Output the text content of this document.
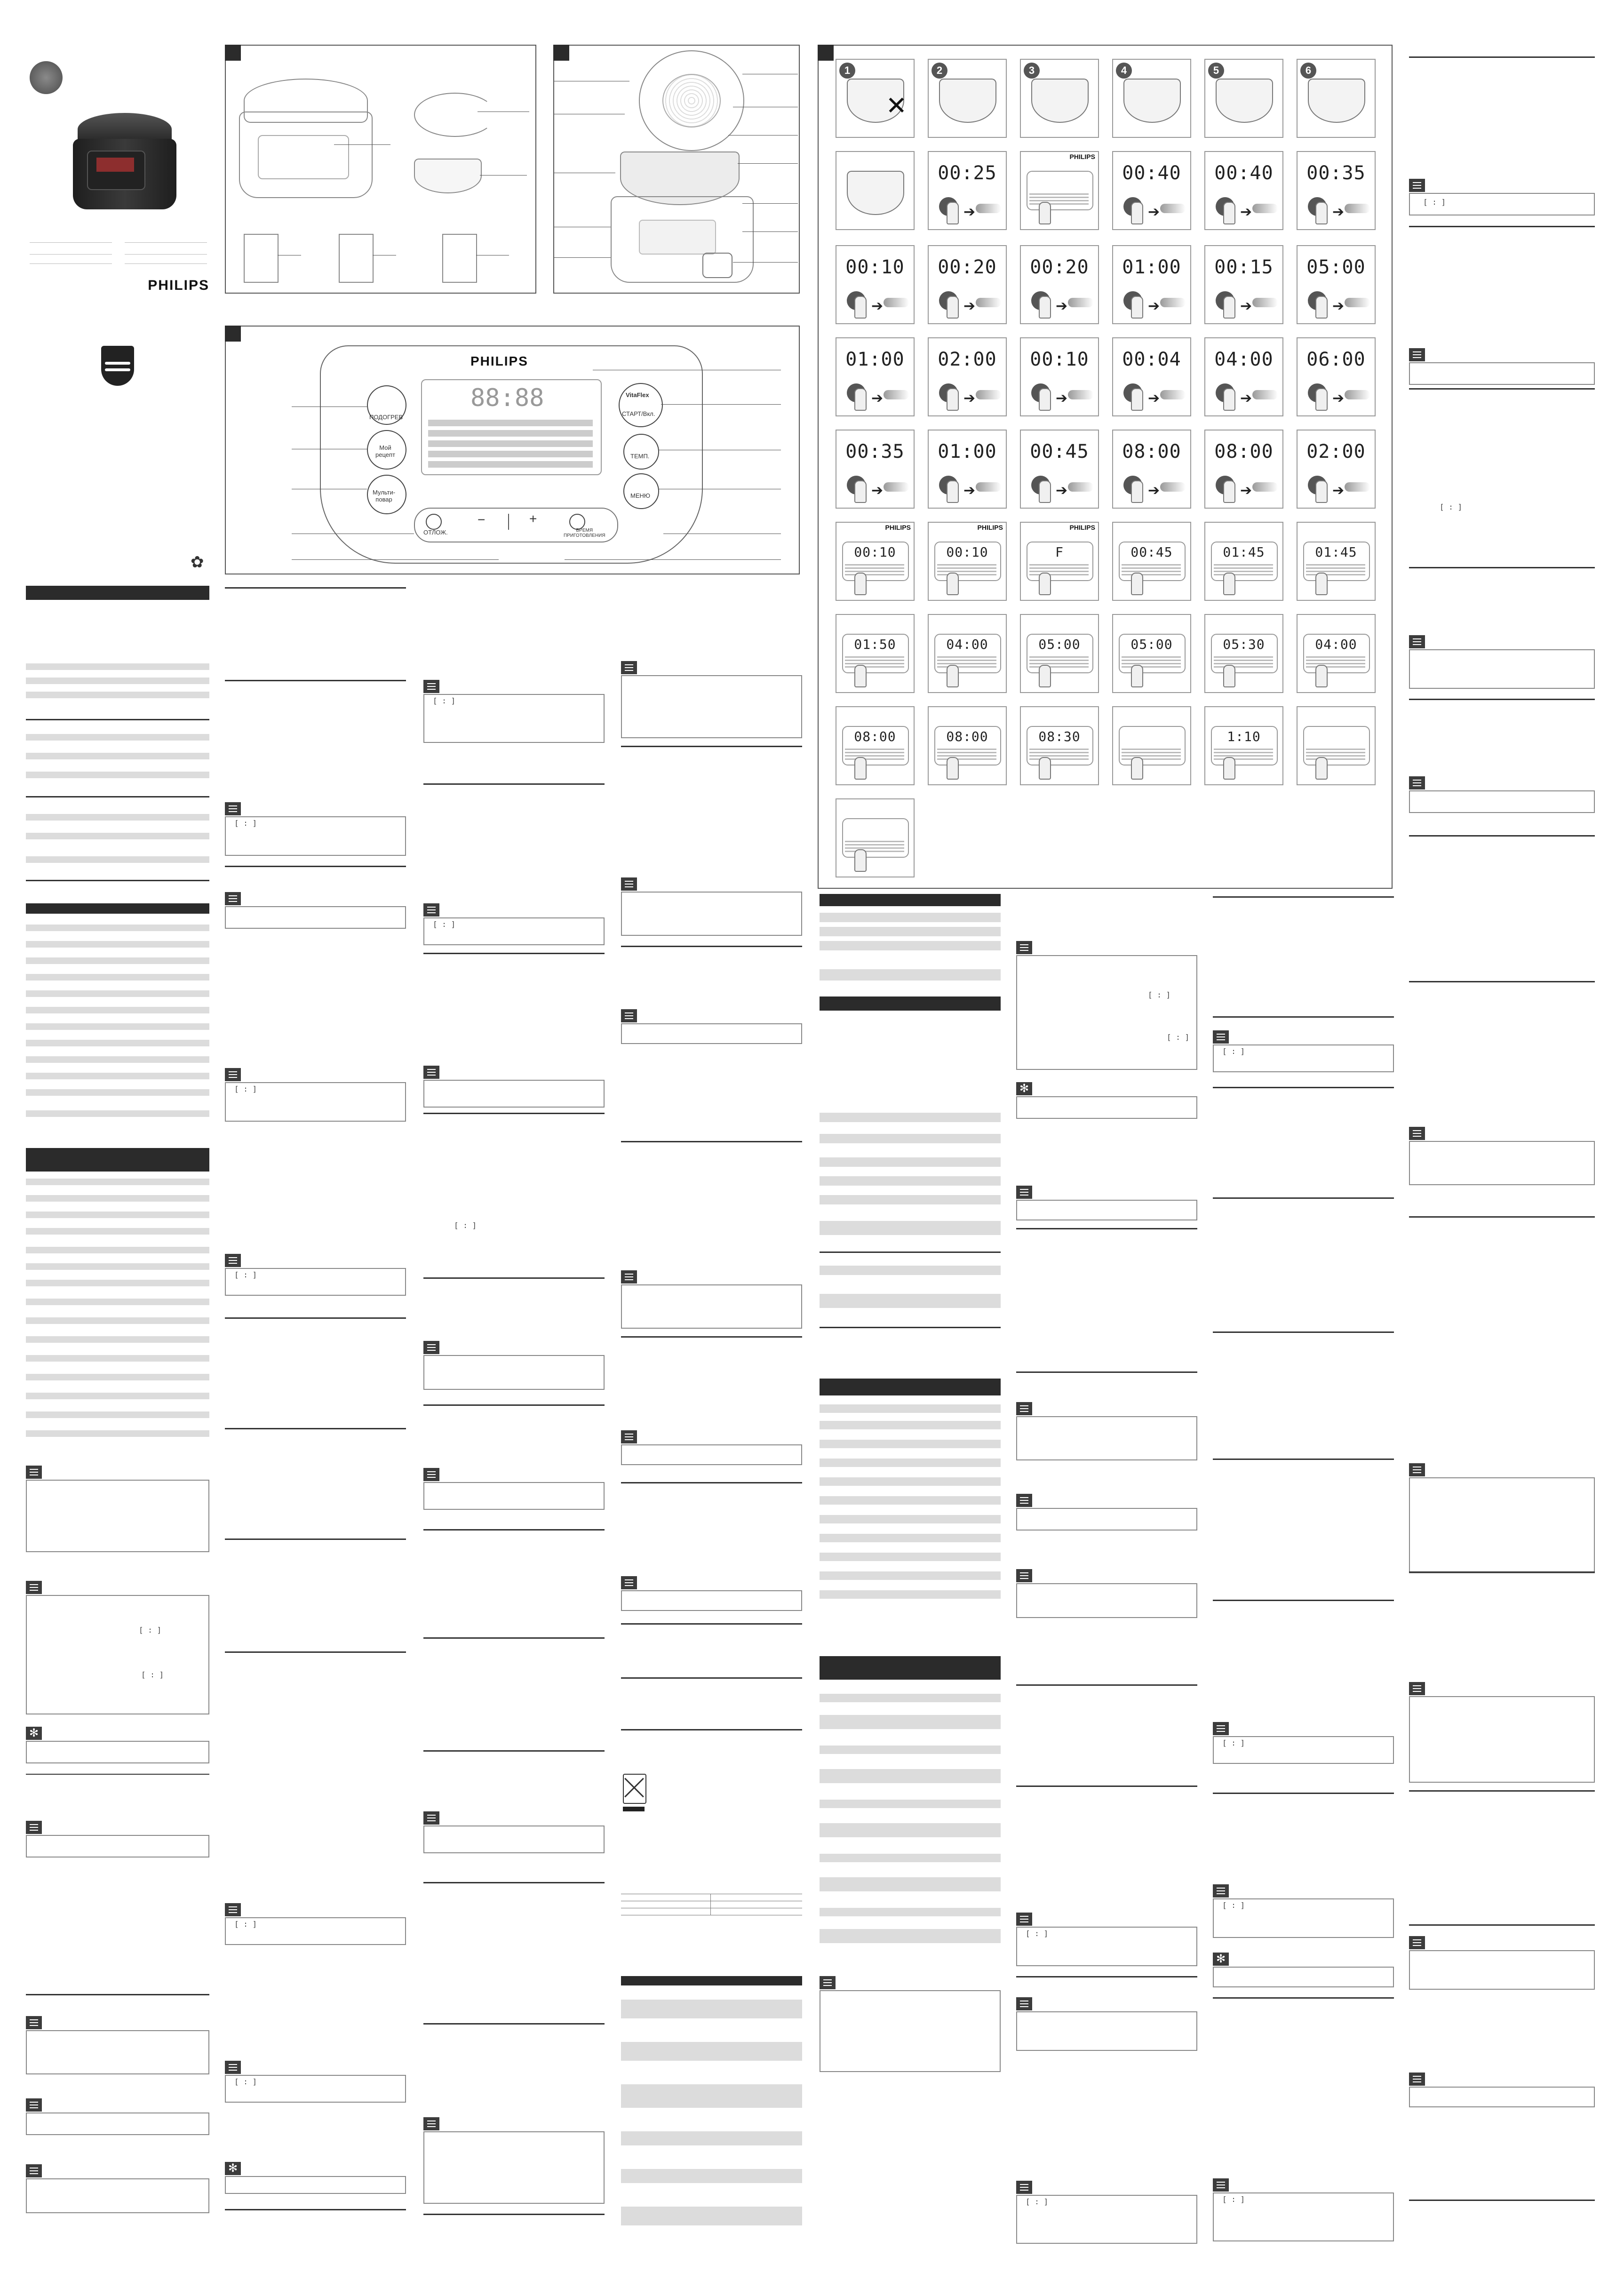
PHILIPS
✿
[ : ]
[ : ]
✻
PHILIPS
88:88
ПОДОГРЕВ
Мой
рецепт
Мульти-
повар
VitaFlex
СТАРТ/Вкл.
ТЕМП.
МЕНЮ
ОТЛОЖ.
−	+
ВРЕМЯ
ПРИГОТОВЛЕНИЯ
[ : ]
[ : ]
[ : ]
[ : ]
[ : ]
✻
[ : ]
[ : ]
[ : ]
1
✕
2	3	4	5	6
00:25
➔
PHILIPS
00:40
➔
00:40
➔
00:35
➔
00:10
➔
00:20
➔
00:20
➔
01:00
➔
00:15
➔
05:00
➔
01:00
➔
02:00
➔
00:10
➔
00:04
➔
04:00
➔
06:00
➔
00:35
➔
01:00
➔
00:45
➔
08:00
➔
08:00
➔
02:00
➔
00:10
PHILIPS
00:10
PHILIPS
F
PHILIPS
00:45	01:45	01:45
01:50	04:00	05:00	05:00	05:30	04:00
08:00	08:00	08:30	1:10
[ : ]
[ : ]
✻
[ : ]
[ : ]
[ : ]
[ : ]
[ : ]
✻
[ : ]
[ : ]
[ : ]
